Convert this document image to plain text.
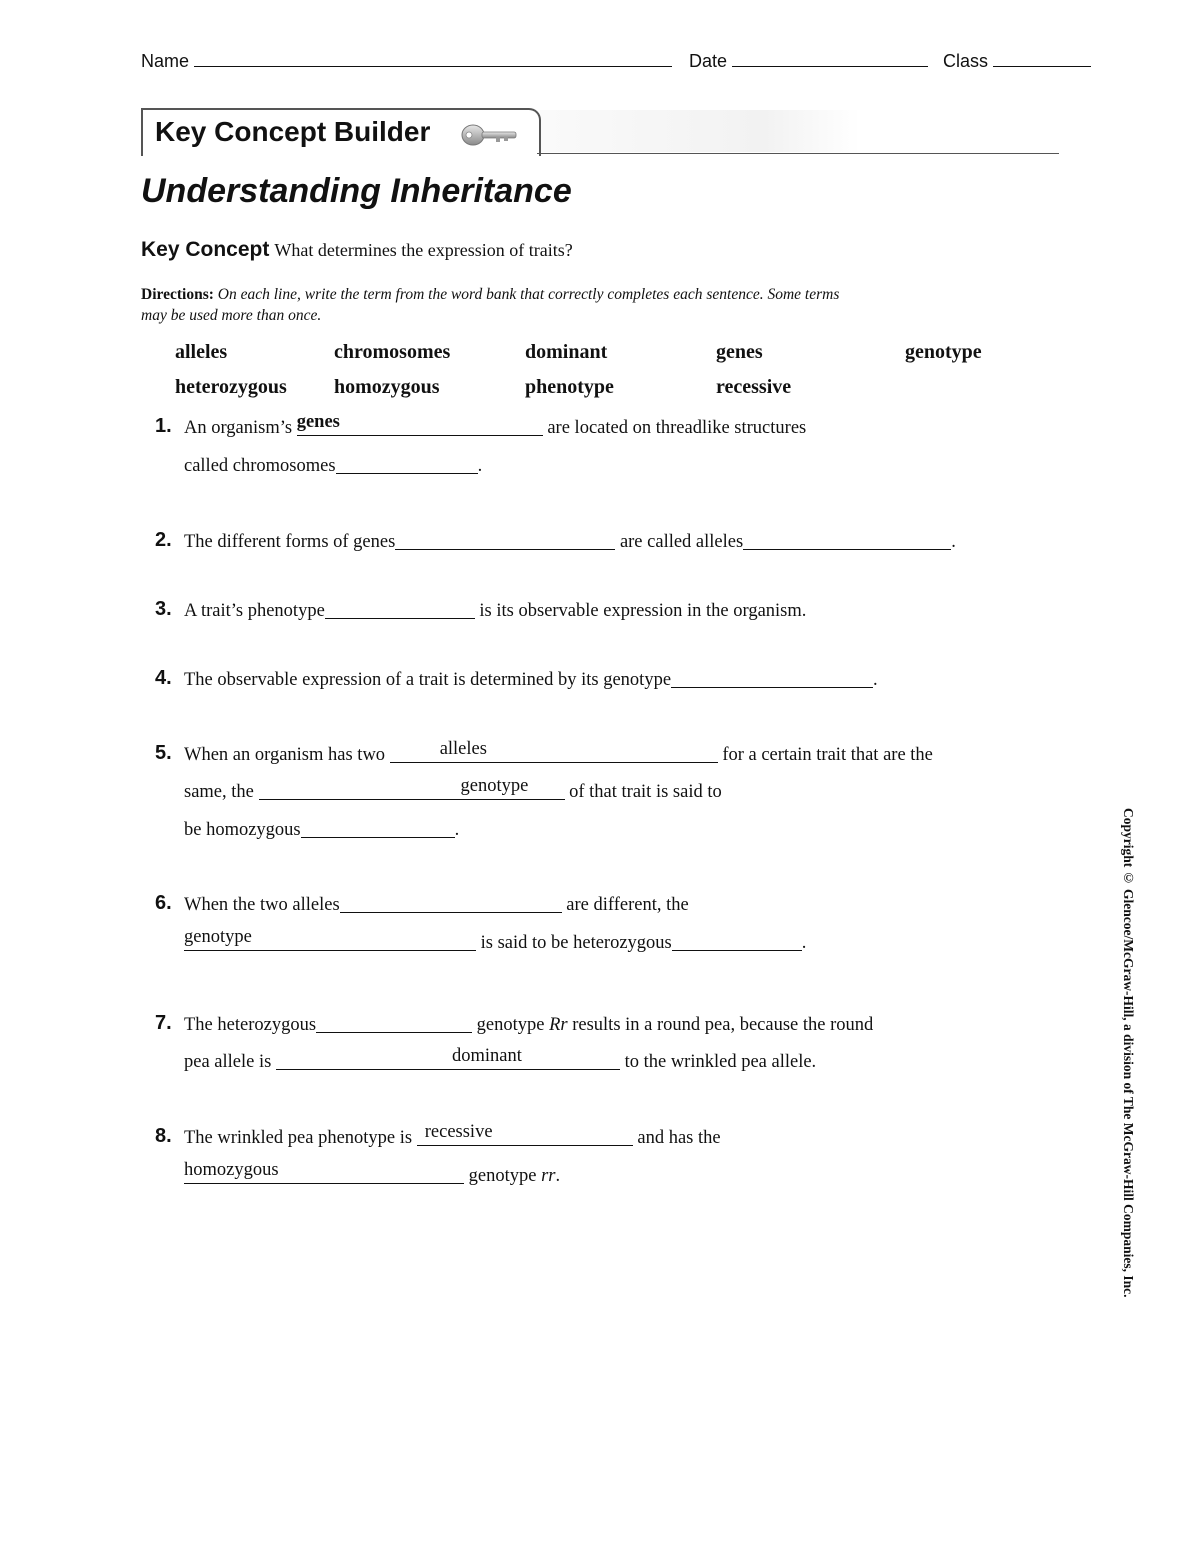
Name	Date	Class
Key Concept Builder
Understanding Inheritance
Key Concept What determines the expression of traits?
Directions: On each line, write the term from the word bank that correctly completes each sentence. Some terms
may be used more than once.
alleles	chromosomes	dominant	genes	genotype
heterozygous homozygous	phenotype	recessive
1. An organism’s genes	are located on threadlike structures
called chromosomes	.
2. The different forms of genes	are called alleles	.
3. A trait’s phenotype	is its observable expression in the organism.
4. The observable expression of a trait is determined by its genotype	.
5. When an organism has two	alleles	for a certain trait that are the
same, the	genotype of that trait is said to
be homozygous	.
6. When the two alleles	are different, the
genotype	is said to be heterozygous	.
7. The heterozygous	genotype Rr results in a round pea, because the round
pea allele is	dominant	to the wrinkled pea allele.
8. The wrinkled pea phenotype is recessive	and has the
homozygous	genotype rr.	Copyright © Glencoe/McGraw-Hill, a division of The McGraw-Hill Companies, Inc.
